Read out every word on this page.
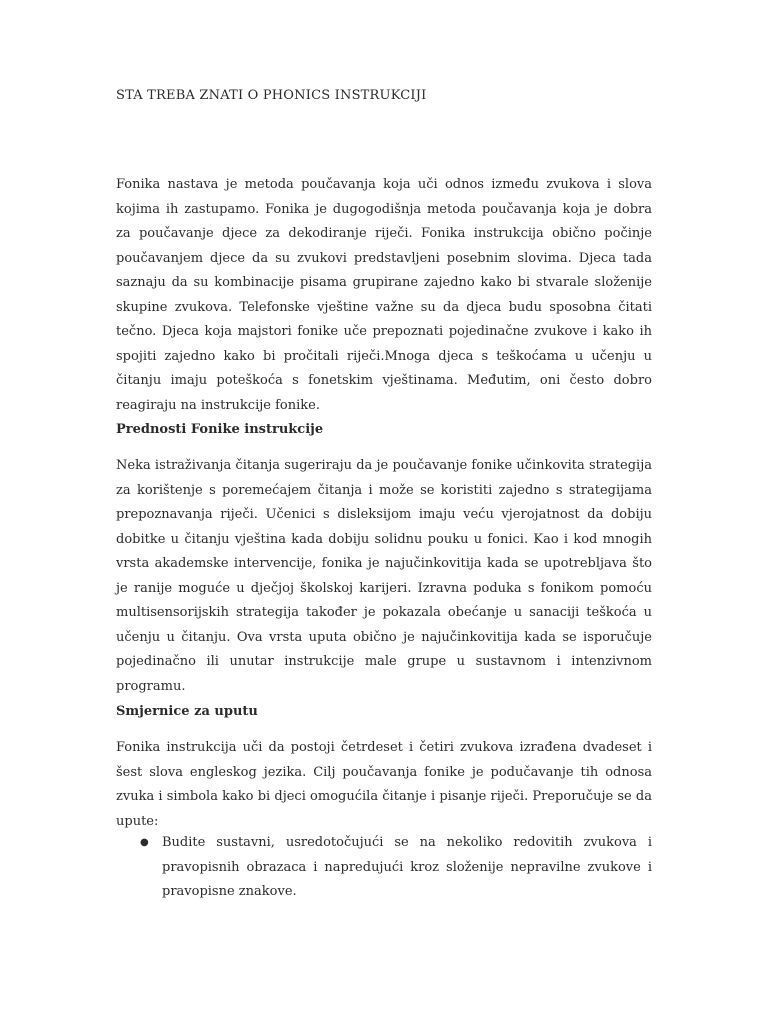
STA TREBA ZNATI O PHONICS INSTRUKCIJI

Fonika nastava je metoda poučavanja koja uči odnos između zvukova i slova kojima ih zastupamo. Fonika je dugogodišnja metoda poučavanja koja je dobra za poučavanje djece za dekodiranje riječi. Fonika instrukcija obično počinje poučavanjem djece da su zvukovi predstavljeni posebnim slovima. Djeca tada saznaju da su kombinacije pisama grupirane zajedno kako bi stvarale složenije skupine zvukova. Telefonske vještine važne su da djeca budu sposobna čitati tečno. Djeca koja majstori fonike uče prepoznati pojedinačne zvukove i kako ih spojiti zajedno kako bi pročitali riječi.Mnoga djeca s teškoćama u učenju u čitanju imaju poteškoća s fonetskim vještinama. Međutim, oni često dobro reagiraju na instrukcije fonike.

Prednosti Fonike instrukcije

Neka istraživanja čitanja sugeriraju da je poučavanje fonike učinkovita strategija za korištenje s poremećajem čitanja i može se koristiti zajedno s strategijama prepoznavanja riječi. Učenici s disleksijom imaju veću vjerojatnost da dobiju dobitke u čitanju vještina kada dobiju solidnu pouku u fonici. Kao i kod mnogih vrsta akademske intervencije, fonika je najučinkovitija kada se upotrebljava što je ranije moguće u dječjoj školskoj karijeri. Izravna poduka s fonikom pomoću multisensorijskih strategija također je pokazala obećanje u sanaciji teškoća u učenju u čitanju. Ova vrsta uputa obično je najučinkovitija kada se isporučuje pojedinačno ili unutar instrukcije male grupe u sustavnom i intenzivnom programu.

Smjernice za uputu

Fonika instrukcija uči da postoji četrdeset i četiri zvukova izrađena dvadeset i šest slova engleskog jezika. Cilj poučavanja fonike je podučavanje tih odnosa zvuka i simbola kako bi djeci omogućila čitanje i pisanje riječi. Preporučuje se da upute:

● Budite sustavni, usredotočujući se na nekoliko redovitih zvukova i pravopisnih obrazaca i napredujući kroz složenije nepravilne zvukove i pravopisne znakove.
